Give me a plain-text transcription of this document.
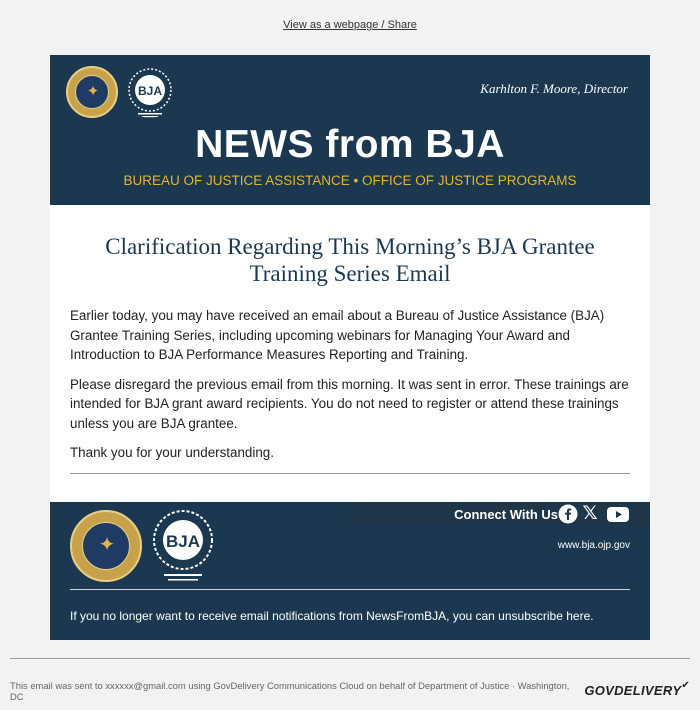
View as a webpage / Share
✦	BJA	Karhlton F. Moore, Director
NEWS from BJA
BUREAU OF JUSTICE ASSISTANCE • OFFICE OF JUSTICE PROGRAMS
Clarification Regarding This Morning’s BJA Grantee Training Series Email

Earlier today, you may have received an email about a Bureau of Justice Assistance (BJA) Grantee Training Series, including upcoming webinars for Managing Your Award and Introduction to BJA Performance Measures Reporting and Training.

Please disregard the previous email from this morning. It was sent in error. These trainings are intended for BJA grant award recipients. You do not need to register or attend these trainings unless you are BJA grantee.

Thank you for your understanding.

Connect With Us 𝕏
✦	BJA	www.bja.ojp.gov
If you no longer want to receive email notifications from NewsFromBJA, you can unsubscribe here.
This email was sent to xxxxxx@gmail.com using GovDelivery Communications Cloud on behalf of Department of Justice · Washington, DC	GOVDELIVERY✔
